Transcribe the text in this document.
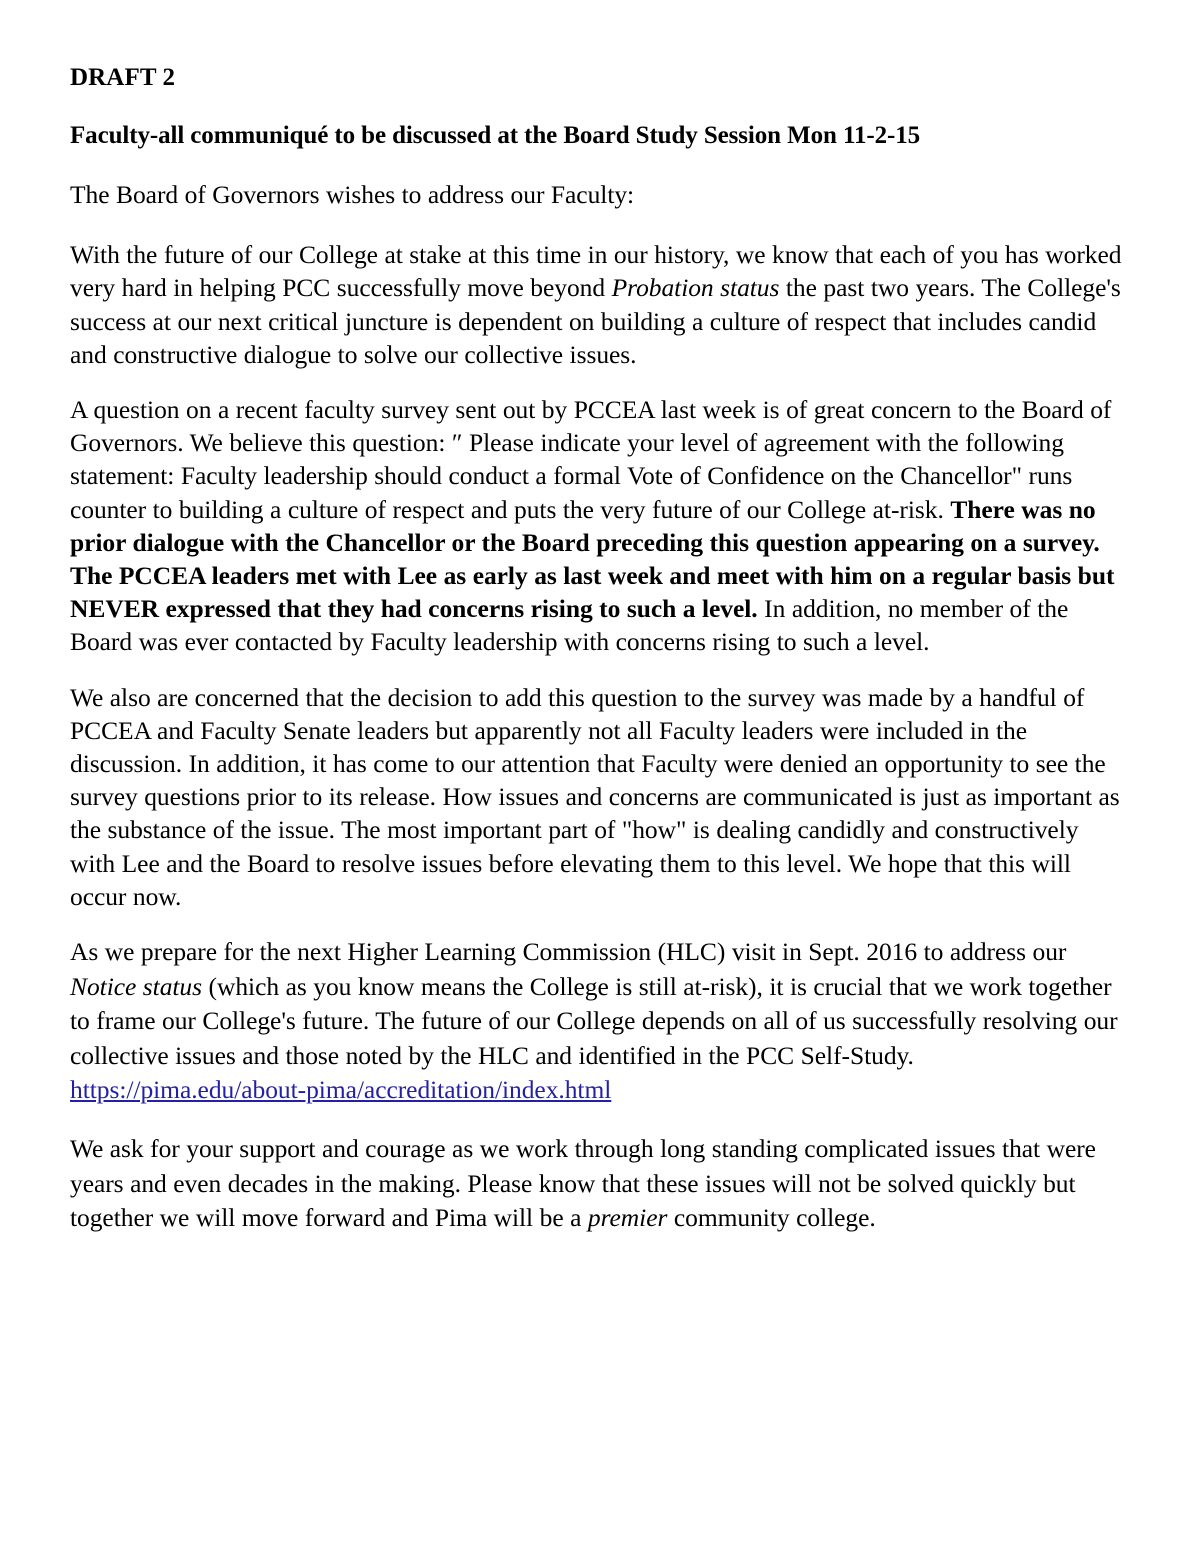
DRAFT 2

Faculty-all communiqué to be discussed at the Board Study Session Mon 11-2-15

The Board of Governors wishes to address our Faculty:

With the future of our College at stake at this time in our history, we know that each of you has worked very hard in helping PCC successfully move beyond Probation status the past two years. The College's success at our next critical juncture is dependent on building a culture of respect that includes candid and constructive dialogue to solve our collective issues.

A question on a recent faculty survey sent out by PCCEA last week is of great concern to the Board of Governors. We believe this question: ″ Please indicate your level of agreement with the following statement: Faculty leadership should conduct a formal Vote of Confidence on the Chancellor" runs counter to building a culture of respect and puts the very future of our College at-risk. There was no prior dialogue with the Chancellor or the Board preceding this question appearing on a survey. The PCCEA leaders met with Lee as early as last week and meet with him on a regular basis but NEVER expressed that they had concerns rising to such a level. In addition, no member of the Board was ever contacted by Faculty leadership with concerns rising to such a level.

We also are concerned that the decision to add this question to the survey was made by a handful of PCCEA and Faculty Senate leaders but apparently not all Faculty leaders were included in the discussion. In addition, it has come to our attention that Faculty were denied an opportunity to see the survey questions prior to its release. How issues and concerns are communicated is just as important as the substance of the issue. The most important part of "how" is dealing candidly and constructively with Lee and the Board to resolve issues before elevating them to this level. We hope that this will occur now.

As we prepare for the next Higher Learning Commission (HLC) visit in Sept. 2016 to address our Notice status (which as you know means the College is still at-risk), it is crucial that we work together to frame our College's future. The future of our College depends on all of us successfully resolving our collective issues and those noted by the HLC and identified in the PCC Self-Study. https://pima.edu/about-pima/accreditation/index.html

We ask for your support and courage as we work through long standing complicated issues that were years and even decades in the making. Please know that these issues will not be solved quickly but together we will move forward and Pima will be a premier community college.
